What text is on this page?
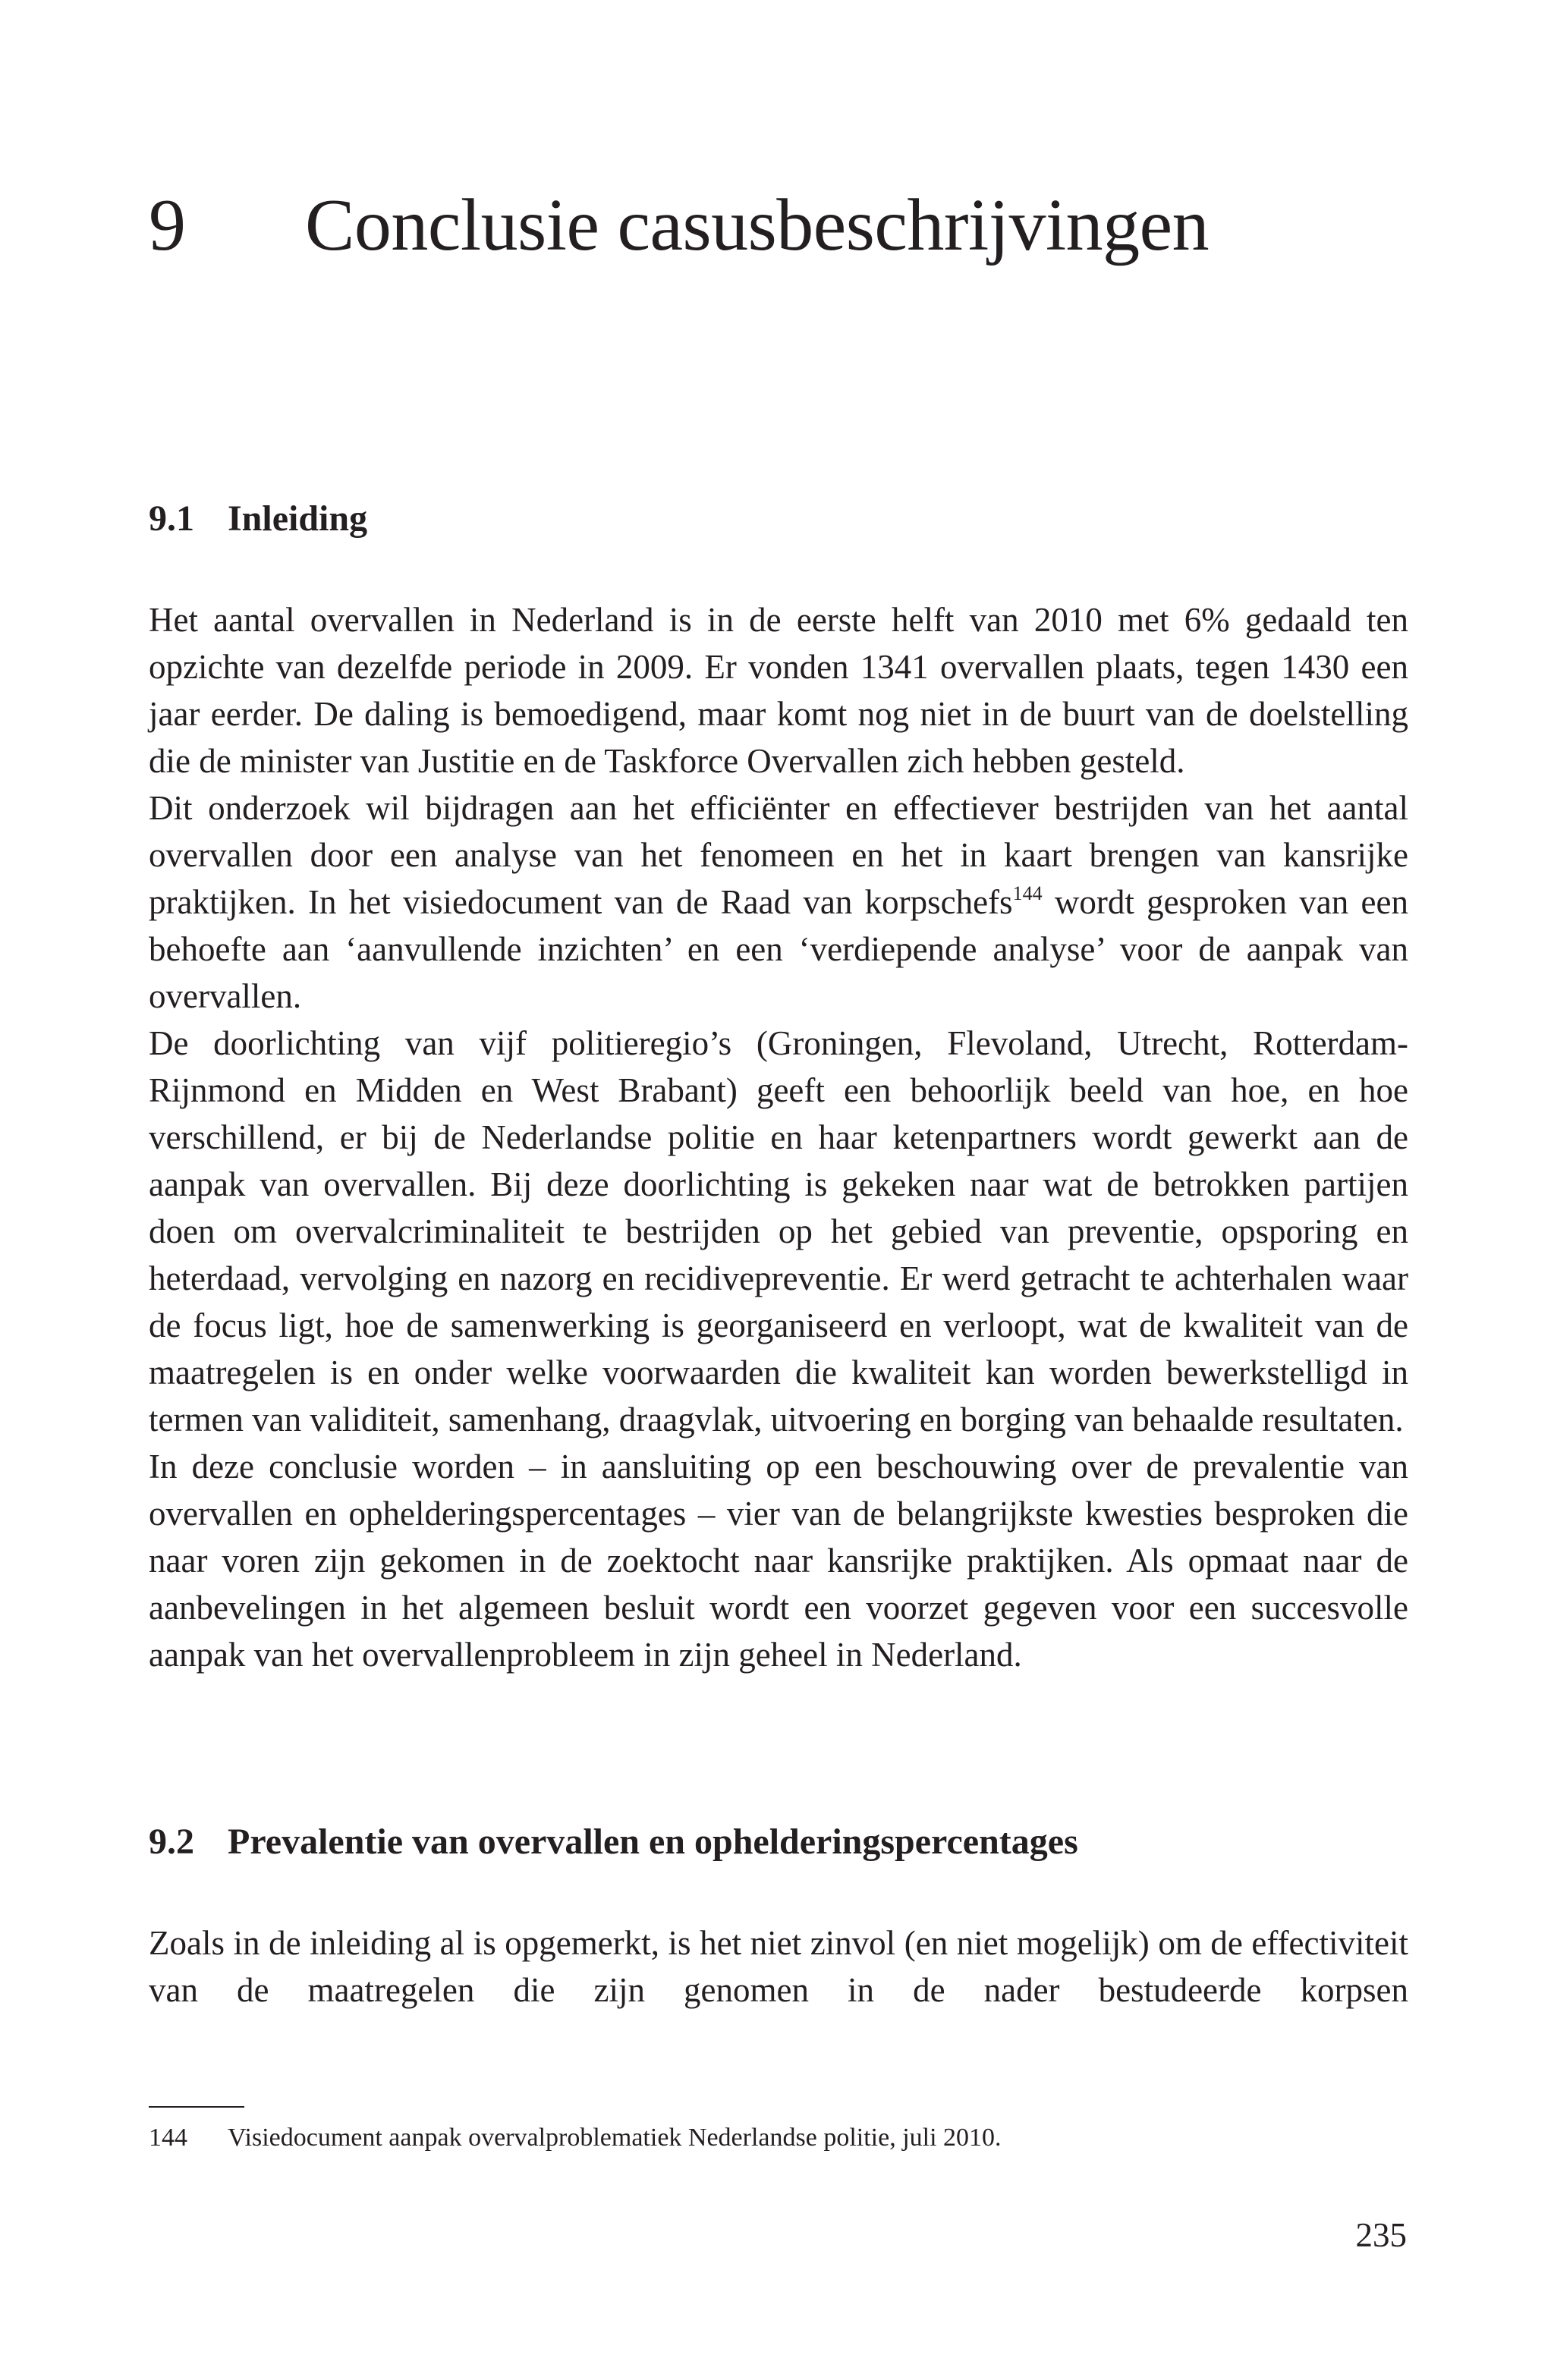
9 Conclusie casusbeschrijvingen
9.1 Inleiding

Het aantal overvallen in Nederland is in de eerste helft van 2010 met 6% gedaald ten opzichte van dezelfde periode in 2009. Er vonden 1341 overvallen plaats, tegen 1430 een jaar eerder. De daling is bemoedigend, maar komt nog niet in de buurt van de doelstelling die de minister van Justitie en de Taskforce Overvallen zich hebben gesteld.

Dit onderzoek wil bijdragen aan het efficiënter en effectiever bestrijden van het aantal overvallen door een analyse van het fenomeen en het in kaart brengen van kansrijke praktijken. In het visiedocument van de Raad van korpschefs$^{144}$ wordt gesproken van een behoefte aan ‘aanvullende inzichten’ en een ‘verdiepende analyse’ voor de aanpak van overvallen.

De doorlichting van vijf politieregio’s (Groningen, Flevoland, Utrecht, Rotterdam-Rijnmond en Midden en West Brabant) geeft een behoorlijk beeld van hoe, en hoe verschillend, er bij de Nederlandse politie en haar ketenpartners wordt gewerkt aan de aanpak van overvallen. Bij deze doorlichting is gekeken naar wat de betrokken partijen doen om overvalcriminaliteit te bestrijden op het gebied van preventie, opsporing en heterdaad, vervolging en nazorg en recidivepreventie. Er werd getracht te achterhalen waar de focus ligt, hoe de samenwerking is georganiseerd en verloopt, wat de kwaliteit van de maatregelen is en onder welke voorwaarden die kwaliteit kan worden bewerkstelligd in termen van validiteit, samenhang, draagvlak, uitvoering en borging van behaalde resultaten.

In deze conclusie worden – in aansluiting op een beschouwing over de prevalentie van overvallen en ophelderingspercentages – vier van de belangrijkste kwesties besproken die naar voren zijn gekomen in de zoektocht naar kansrijke praktijken. Als opmaat naar de aanbevelingen in het algemeen besluit wordt een voorzet gegeven voor een succesvolle aanpak van het overvallenprobleem in zijn geheel in Nederland.

9.2 Prevalentie van overvallen en ophelderingspercentages

Zoals in de inleiding al is opgemerkt, is het niet zinvol (en niet mogelijk) om de effectiviteit van de maatregelen die zijn genomen in de nader bestudeerde korpsen

144 Visiedocument aanpak overvalproblematiek Nederlandse politie, juli 2010.
235
